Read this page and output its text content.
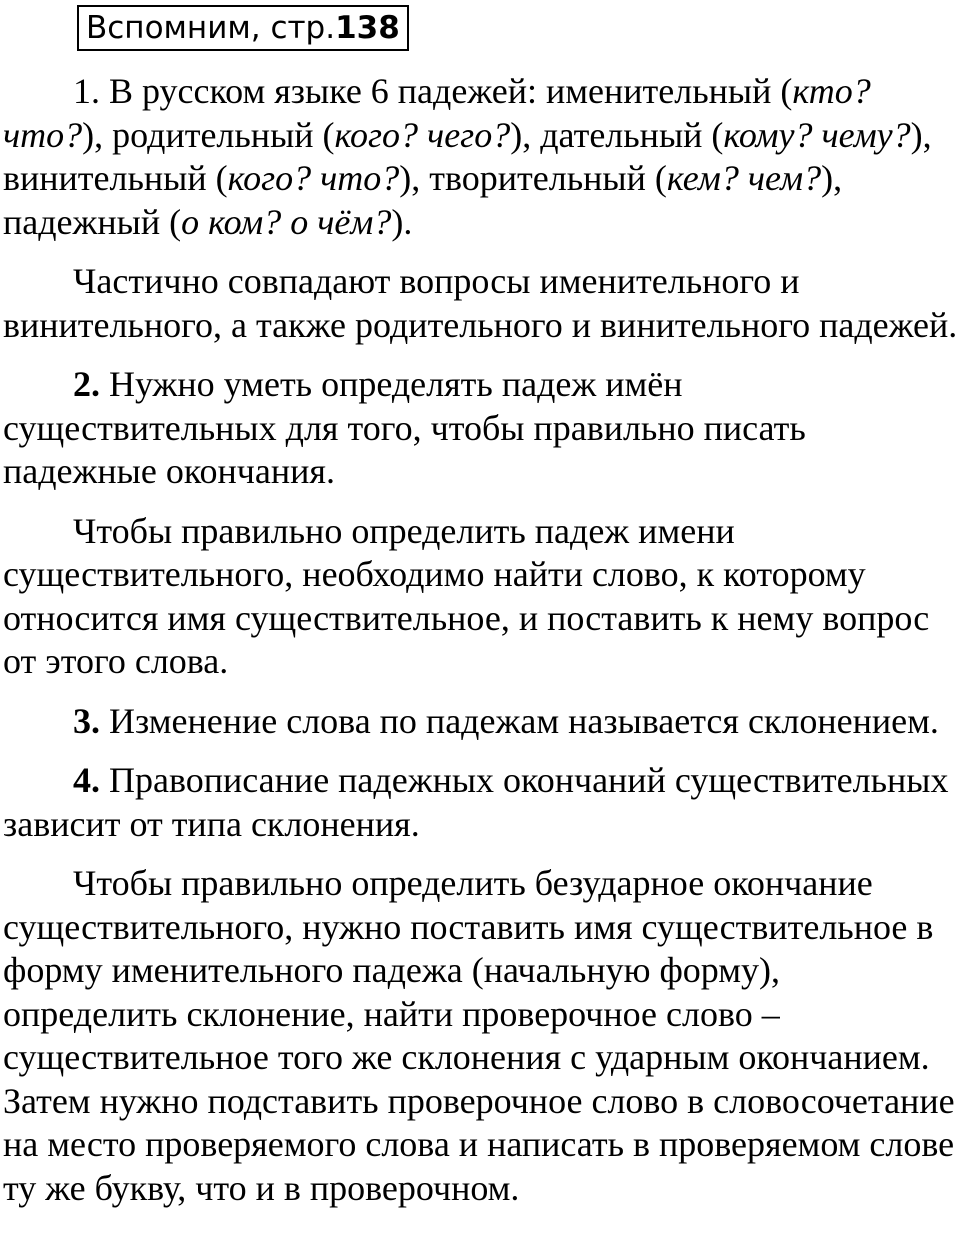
Вспомним, стр.138

1. В русском языке 6 падежей: именительный (кто? что?), родительный (кого? чего?), дательный (кому? чему?), винительный (кого? что?), творительный (кем? чем?), падежный (о ком? о чём?).

Частично совпадают вопросы именительного и винительного, а также родительного и винительного падежей.

2. Нужно уметь определять падеж имён существительных для того, чтобы правильно писать падежные окончания.

Чтобы правильно определить падеж имени существительного, необходимо найти слово, к которому относится имя существительное, и поставить к нему вопрос от этого слова.

3. Изменение слова по падежам называется склонением.

4. Правописание падежных окончаний существительных зависит от типа склонения.

Чтобы правильно определить безударное окончание существительного, нужно поставить имя существительное в форму именительного падежа (начальную форму), определить склонение, найти проверочное слово – существительное того же склонения с ударным окончанием. Затем нужно подставить проверочное слово в словосочетание на место проверяемого слова и написать в проверяемом слове ту же букву, что и в проверочном.
